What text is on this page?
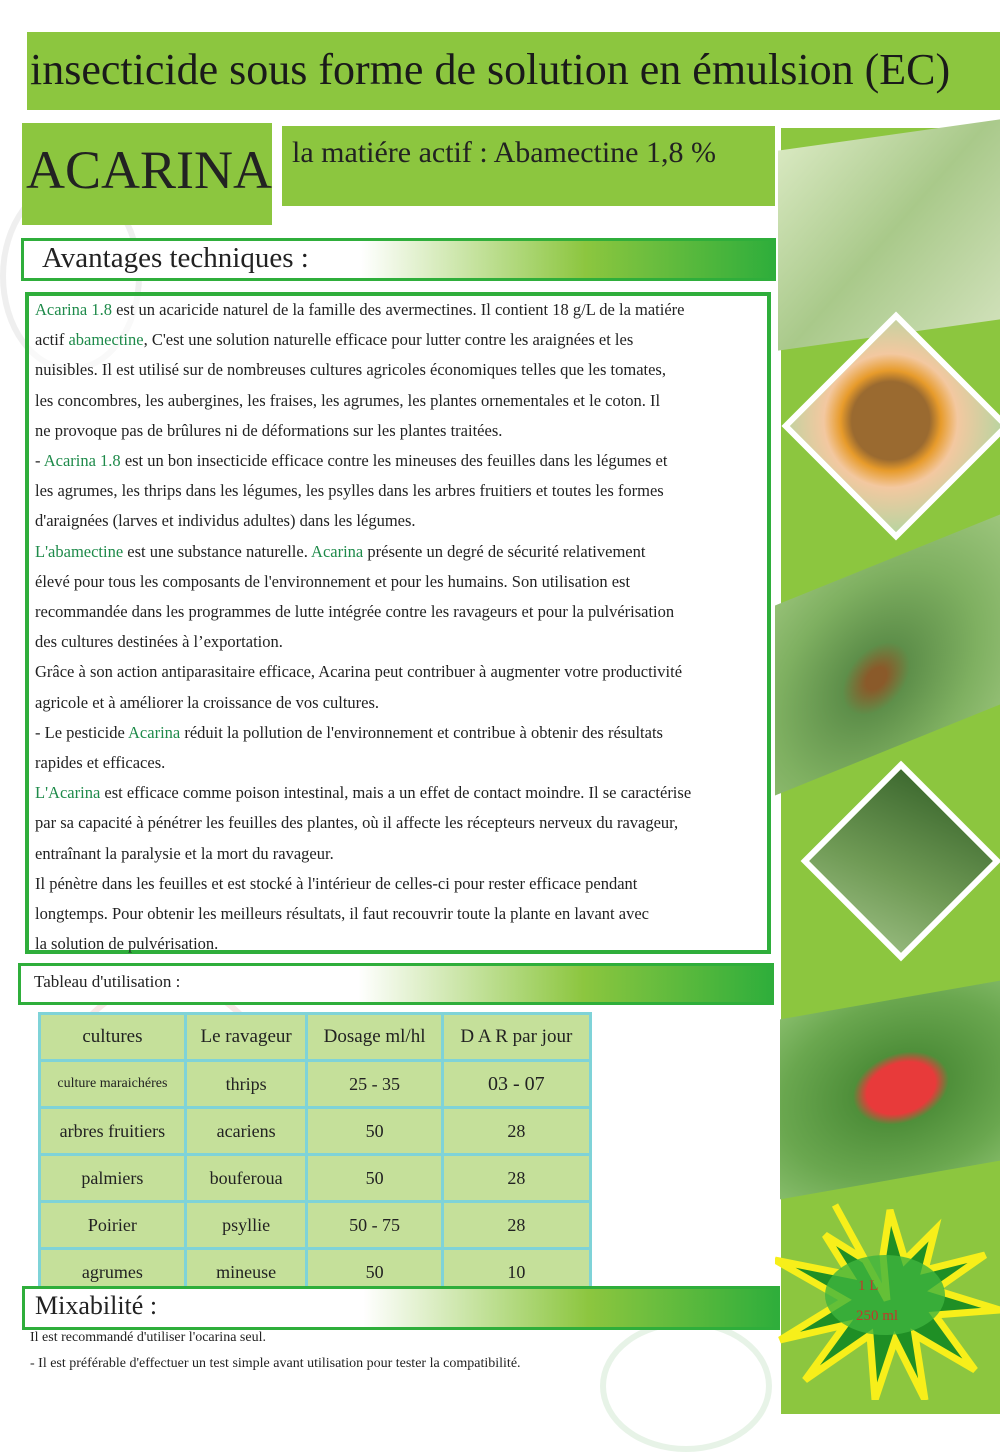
insecticide sous forme de solution en émulsion (EC)
ACARINA la matiére actif : Abamectine 1,8 %
Avantages techniques :
Acarina 1.8 est un acaricide naturel de la famille des avermectines. Il contient 18 g/L de la matiére
actif abamectine, C'est une solution naturelle efficace pour lutter contre les araignées et les
nuisibles. Il est utilisé sur de nombreuses cultures agricoles économiques telles que les tomates,
les concombres, les aubergines, les fraises, les agrumes, les plantes ornementales et le coton. Il
ne provoque pas de brûlures ni de déformations sur les plantes traitées.
- Acarina 1.8 est un bon insecticide efficace contre les mineuses des feuilles dans les légumes et
les agrumes, les thrips dans les légumes, les psylles dans les arbres fruitiers et toutes les formes
d'araignées (larves et individus adultes) dans les légumes.
L'abamectine est une substance naturelle. Acarina présente un degré de sécurité relativement
élevé pour tous les composants de l'environnement et pour les humains. Son utilisation est
recommandée dans les programmes de lutte intégrée contre les ravageurs et pour la pulvérisation
des cultures destinées à l’exportation.
Grâce à son action antiparasitaire efficace, Acarina peut contribuer à augmenter votre productivité
agricole et à améliorer la croissance de vos cultures.
- Le pesticide Acarina réduit la pollution de l'environnement et contribue à obtenir des résultats
rapides et efficaces.
L'Acarina est efficace comme poison intestinal, mais a un effet de contact moindre. Il se caractérise
par sa capacité à pénétrer les feuilles des plantes, où il affecte les récepteurs nerveux du ravageur,
entraînant la paralysie et la mort du ravageur.
Il pénètre dans les feuilles et est stocké à l'intérieur de celles-ci pour rester efficace pendant
longtemps. Pour obtenir les meilleurs résultats, il faut recouvrir toute la plante en lavant avec
la solution de pulvérisation.
Tableau d'utilisation :
cultures	Le ravageur	Dosage ml/hl	D A R par jour
culture maraichéres	thrips	25 - 35	03 - 07
arbres fruitiers	acariens	50	28
palmiers	bouferoua	50	28
Poirier	psyllie	50 - 75	28
agrumes	mineuse	50	10
Mixabilité :
Il est recommandé d'utiliser l'ocarina seul.
- Il est préférable d'effectuer un test simple avant utilisation pour tester la compatibilité.
1 L
250 ml
